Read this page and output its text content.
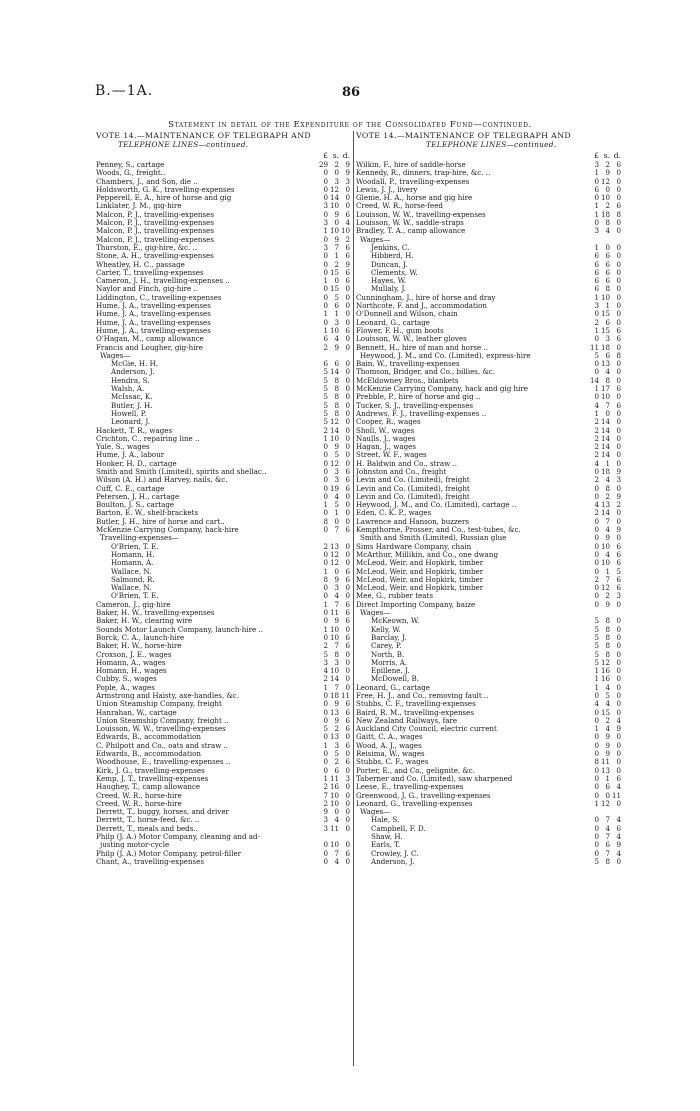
B.—1A.	86
Statement in detail of the Expenditure of the Consolidated Fund—continued.
VOTE 14.—MAINTENANCE OF TELEGRAPH AND
TELEPHONE LINES—continued.
£ s. d.
Penney, S., cartage	29 2 9
Woods, G., freight..	0 0 9
Chambers, J., and Son, die ..	0 3 3
Holdsworth, G. K., travelling-expenses	0 12 0
Pepperell, E. A., hire of horse and gig	0 14 0
Linklater, J. M., gig-hire	3 10 0
Malcon, P. J., travelling-expenses	0 9 6
Malcon, P. J., travelling-expenses	3 0 4
Malcon, P. J., travelling-expenses	1 10 10
Malcon, P. J., travelling-expenses	0 9 2
Thurston, E., gig-hire, &c. ..	3 7 6
Stone, A. H., travelling-expenses	0 1 6
Wheatley, H. C., passage	0 2 9
Carter, T., travelling-expenses	0 15 6
Cameron, J. H., travelling-expenses ..	1 0 6
Naylor and Finch, gig-hire ..	0 15 0
Liddington, C., travelling-expenses	0 5 0
Hume, J. A., travelling-expenses	0 6 0
Hume, J. A., travelling-expenses	1 1 0
Hume, J. A., travelling-expenses	0 3 0
Hume, J. A., travelling-expenses	1 10 6
O'Hagan, M., camp allowance	6 4 0
Francis and Lougher, gig-hire	2 9 0
Wages—
McGie, H. H.	6 6 0
Anderson, J.	5 14 0
Hendra, S.	5 8 0
Walsh, A.	5 8 0
McIssac, K.	5 8 0
Butler, J. H.	5 8 0
Howell, P.	5 8 0
Leonard, J.	5 12 0
Hackett, T. R., wages	2 14 0
Crichton, C., repairing line ..	1 10 0
Yule, S., wages	0 9 0
Hume, J. A., labour	0 5 0
Hooker, H. D., cartage	0 12 0
Smith and Smith (Limited), spirits and shellac..	0 3 6
Wilson (A. H.) and Harvey, nails, &c.	0 3 6
Cuff, C. E., cartage	0 19 6
Petersen, J. H., cartage	0 4 0
Boulton, J. S., cartage	1 5 0
Barton, E. W., shelf-brackets	0 1 0
Butler, J. H., hire of horse and cart..	8 0 0
McKenzie Carrying Company, hack-hire	0 7 6
Travelling-expenses—
O'Brien, T. E.	2 13 0
Homann, H.	0 12 0
Homann, A.	0 12 0
Wallace, N.	1 0 6
Salmond, R.	8 9 6
Wallace, N.	0 3 0
O'Brien, T. E.	0 4 0
Cameron, J., gig-hire	1 7 6
Baker, H. W., travelling-expenses	0 11 6
Baker, H. W., clearing wire	0 9 6
Sounds Motor Launch Company, launch-hire ..	1 10 0
Borck, C. A., launch-hire	0 10 6
Baker, H. W., horse-hire	2 7 6
Croxson, J. E., wages	5 8 0
Homann, A., wages	3 3 0
Homann, H., wages	4 10 0
Cubby, S., wages	2 14 0
Pople, A., wages	1 7 0
Armstrong and Haisty, axe-handles, &c.	0 18 11
Union Steamship Company, freight	0 9 6
Hanrahan, W., cartage	0 13 6
Union Steamship Company, freight ..	0 9 6
Louisson, W. W., travelling-expenses	5 2 6
Edwards, B., accommodation	0 13 0
C. Philpott and Co., oats and straw ..	1 3 6
Edwards, B., accommodation	0 5 0
Woodhouse, E., travelling-expenses ..	0 2 6
Kirk, J. G., travelling-expenses	0 6 0
Kemp, J. T., travelling-expenses	1 11 3
Haughey, T., camp allowance	2 16 0
Creed, W. R., horse-hire	7 10 0
Creed, W. R., horse-hire	2 10 0
Derrett, T., buggy, horses, and driver	9 0 0
Derrett, T., horse-feed, &c. ..	3 4 0
Derrett, T., meals and beds..	3 11 0
Philp (J. A.) Motor Company, cleaning and ad-
justing motor-cycle	0 10 0
Philp (J. A.) Motor Company, petrol-filler	0 7 6
Chant, A., travelling-expenses	0 4 0
VOTE 14.—MAINTENANCE OF TELEGRAPH AND
TELEPHONE LINES—continued.
£ s. d.
Wilkin, F., hire of saddle-horse	3 2 6
Kennedy, R., dinners, trap-hire, &c. ..	1 9 0
Woodall, P., travelling-expenses	0 12 0
Lewis, J. J., livery	6 0 0
Glenie, H. A., horse and gig hire	0 10 0
Creed, W. R., horse-feed	1 2 6
Louisson, W. W., travelling-expenses	1 18 8
Louisson, W. W., saddle-straps	0 8 0
Bradley, T. A., camp allowance	3 4 0
Wages—
Jenkins, C.	1 0 0
Hibberd, H.	6 6 0
Duncan, J.	6 6 0
Clements, W.	6 6 0
Hayes, W.	6 6 0
Mullaly, J.	6 8 0
Cunningham, J., hire of horse and dray	1 10 0
Northcote, F. and J., accommodation	3 1 0
O'Donnell and Wilson, chain	0 15 0
Leonard, G., cartage	2 6 0
Flower, F. H., gum boots	1 15 6
Louisson, W. W., leather gloves	0 3 6
Bennett, H., hire of man and horse ..	11 18 0
Heywood, J. M., and Co. (Limited), express-hire	5 6 8
Bain, W., travelling-expenses	0 13 0
Thomson, Bridger, and Co., billies, &c.	0 4 0
McEldowney Bros., blankets	14 8 0
McKenzie Carrying Company, hack and gig hire	1 17 6
Prebble, P., hire of horse and gig ..	0 10 0
Tucker, S. J., travelling-expenses	4 7 6
Andrews, F. J., travelling-expenses ..	1 0 0
Cooper, R., wages	2 14 0
Sholl, W., wages	2 14 0
Naulls, J., wages	2 14 0
Hagan, J., wages	2 14 0
Street, W. F., wages	2 14 0
H. Baldwin and Co., straw ..	4 1 0
Johnston and Co., freight	0 18 9
Levin and Co. (Limited), freight	2 4 3
Levin and Co. (Limited), freight	0 8 0
Levin and Co. (Limited), freight	0 2 9
Heywood, J. M., and Co. (Limited), cartage ..	4 13 2
Eden, C. K. P., wages	2 14 0
Lawrence and Hanson, buzzers	0 7 0
Kempthorne, Prosser, and Co., test-tubes, &c.	0 4 9
Smith and Smith (Limited), Russian glue	0 9 0
Sims Hardware Company, chain	0 10 6
McArthur, Millikin, and Co., one dwang	0 4 6
McLeod, Weir, and Hopkirk, timber	0 10 6
McLeod, Weir, and Hopkirk, timber	0 1 5
McLeod, Weir, and Hopkirk, timber	2 7 6
McLeod, Weir, and Hopkirk, timber	0 12 6
Mee, G., rubber teats	0 2 3
Direct Importing Company, baize	0 9 0
Wages—
McKeown, W.	5 8 0
Kelly, W.	5 8 0
Barclay, J.	5 8 0
Carey, P.	5 8 0
North, B.	5 8 0
Morris, A.	5 12 0
Epillene, J.	1 16 0
McDowell, B.	1 16 0
Leonard, G., cartage	1 4 0
Free, H. J., and Co., removing fault ..	0 5 0
Stubbs, C. F., travelling-expenses	4 4 0
Baird, R. M., travelling-expenses	0 15 0
New Zealand Railways, fare	0 2 4
Auckland City Council, electric current	1 4 9
Gaitt, C. A., wages	0 9 0
Wood, A. J., wages	0 9 0
Reisima, W., wages	0 9 0
Stubbs, C. F., wages	8 11 0
Porter, E., and Co., gelignite, &c.	0 13 0
Taberner and Co. (Limited), saw sharpened	0 1 6
Leese, E., travelling-expenses	0 6 4
Greenwood, J. G., travelling-expenses	0 0 11
Leonard, G., travelling-expenses	1 12 0
Wages—
Hale, S.	0 7 4
Campbell, F. D.	0 4 6
Shaw, H.	0 7 4
Earls, T.	0 6 9
Crowley, J. C.	0 7 4
Anderson, J.	5 8 0
